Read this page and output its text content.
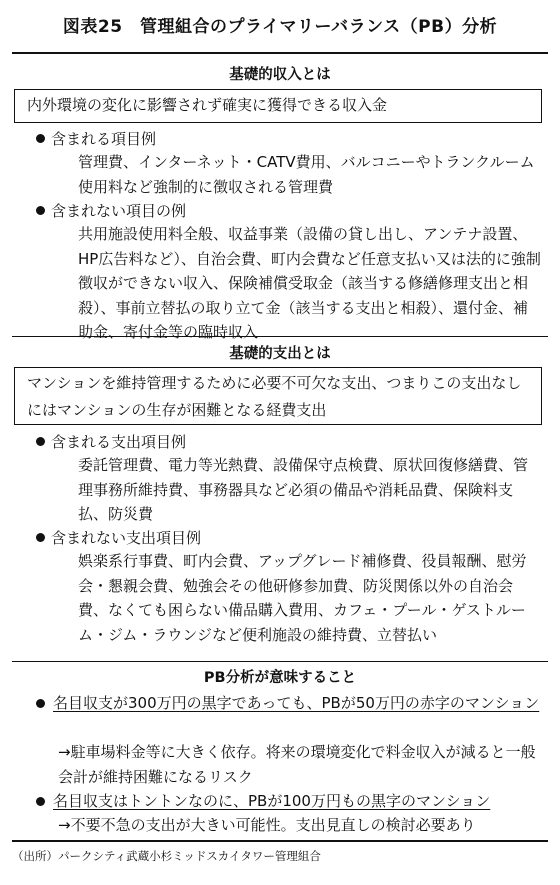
図表25　管理組合のプライマリーバランス（PB）分析
基礎的収入とは
内外環境の変化に影響されず確実に獲得できる収入金
含まれる項目例
管理費、インターネット・CATV費用、バルコニーやトランクルーム使用料など強制的に徴収される管理費
含まれない項目の例
共用施設使用料全般、収益事業（設備の貸し出し、アンテナ設置、HP広告料など）、自治会費、町内会費など任意支払い又は法的に強制徴収ができない収入、保険補償受取金（該当する修繕修理支出と相殺）、事前立替払の取り立て金（該当する支出と相殺）、還付金、補助金、寄付金等の臨時収入
基礎的支出とは
マンションを維持管理するために必要不可欠な支出、つまりこの支出なしにはマンションの生存が困難となる経費支出
含まれる支出項目例
委託管理費、電力等光熱費、設備保守点検費、原状回復修繕費、管理事務所維持費、事務器具など必須の備品や消耗品費、保険料支払、防災費
含まれない支出項目例
娯楽系行事費、町内会費、アップグレード補修費、役員報酬、慰労会・懇親会費、勉強会その他研修参加費、防災関係以外の自治会費、なくても困らない備品購入費用、カフェ・プール・ゲストルーム・ジム・ラウンジなど便利施設の維持費、立替払い
PB分析が意味すること
名目収支が300万円の黒字であっても、PBが50万円の赤字のマンション
→駐車場料金等に大きく依存。将来の環境変化で料金収入が減ると一般会計が維持困難になるリスク
名目収支はトントンなのに、PBが100万円もの黒字のマンション
→不要不急の支出が大きい可能性。支出見直しの検討必要あり
（出所）パークシティ武蔵小杉ミッドスカイタワー管理組合
